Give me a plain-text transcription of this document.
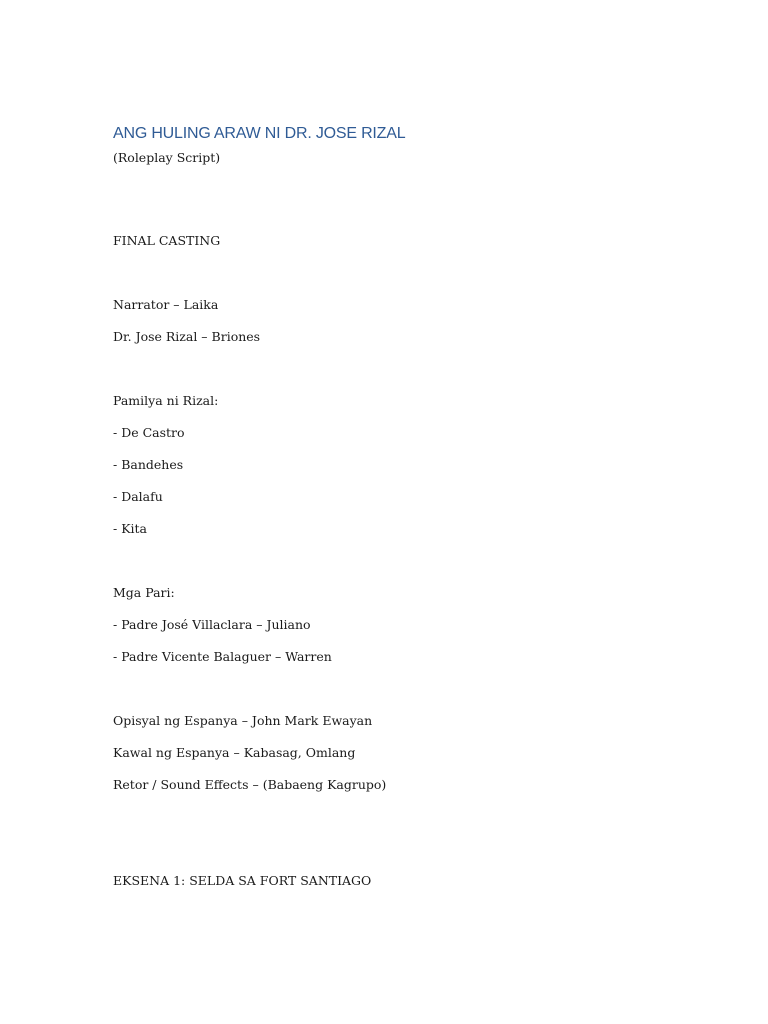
ANG HULING ARAW NI DR. JOSE RIZAL
(Roleplay Script)
FINAL CASTING
Narrator – Laika
Dr. Jose Rizal – Briones
Pamilya ni Rizal:
- De Castro
- Bandehes
- Dalafu
- Kita
Mga Pari:
- Padre José Villaclara – Juliano
- Padre Vicente Balaguer – Warren
Opisyal ng Espanya – John Mark Ewayan
Kawal ng Espanya – Kabasag, Omlang
Retor / Sound Effects – (Babaeng Kagrupo)
EKSENA 1: SELDA SA FORT SANTIAGO
